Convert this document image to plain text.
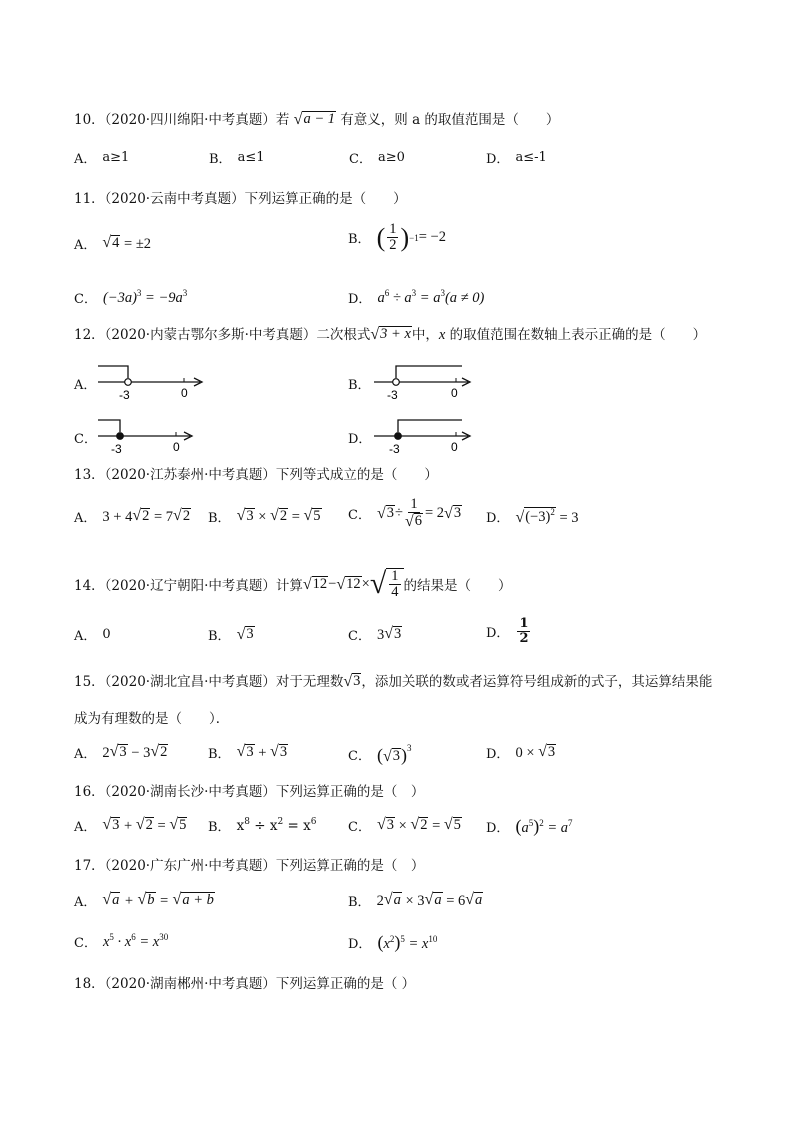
10．（2020·四川绵阳·中考真题）若 √ a − 1 有意义，则 a 的取值范围是（　　）
A． a≥1	B． a≤1	C． a≥0	D． a≤-1
11．（2020·云南中考真题）下列运算正确的是（　　）
A． √ 4 = ±2	B． ( $\frac{1}{2}$ ) −1 = −2
C． $(-3a)^3 = -9a^3$	D． $a^6 \div a^3 = a^3(a \ne 0)$
12．（2020·内蒙古鄂尔多斯·中考真题）二次根式 √ 3 + x 中，x 的取值范围在数轴上表示正确的是（　　）
A．
-3	0	B．
-3	0
C．
-3	0	D．
-3	0
13．（2020·江苏泰州·中考真题）下列等式成立的是（　　）
A． 3 + 4 √ 2 = 7 √ 2 B． √ 3 × √ 2 = √ 5 C． √ $3 \div \frac{1}{√ 6} = 2$ √ 3 D． √ $(-3)^2 = 3$
14．（2020·辽宁朝阳·中考真题）计算 √ 12 − √ 12 × √ $\frac{1}{4}$ 的结果是（　　）
A． 0	B． √ 3	C． 3 √ 3	D． $\frac{1}{2}$
15．（2020·湖北宜昌·中考真题）对于无理数 √ 3 ，添加关联的数或者运算符号组成新的式子，其运算结果能
成为有理数的是（　　）．
A． 2 √ 3 − 3 √ 2	B． √ 3 + √ 3	C． ( √ 3 )$^3$	D． 0 × √ 3
16．（2020·湖南长沙·中考真题）下列运算正确的是（　）
A． √ 3 + √ 2 = √ 5 B． $x^8 \div x^2 = x^6$ C． √ 3 × √ 2 = √ 5 D． $(a^5)^2 = a^7$
17．（2020·广东广州·中考真题）下列运算正确的是（　）
A． √ a + √ b = √ a + b	B． 2 √ a × 3 √ a = 6 √ a
C． $x^5 \cdot x^6 = x^{30}$	D． $(x^2)^5 = x^{10}$
18．（2020·湖南郴州·中考真题）下列运算正确的是（ ）
